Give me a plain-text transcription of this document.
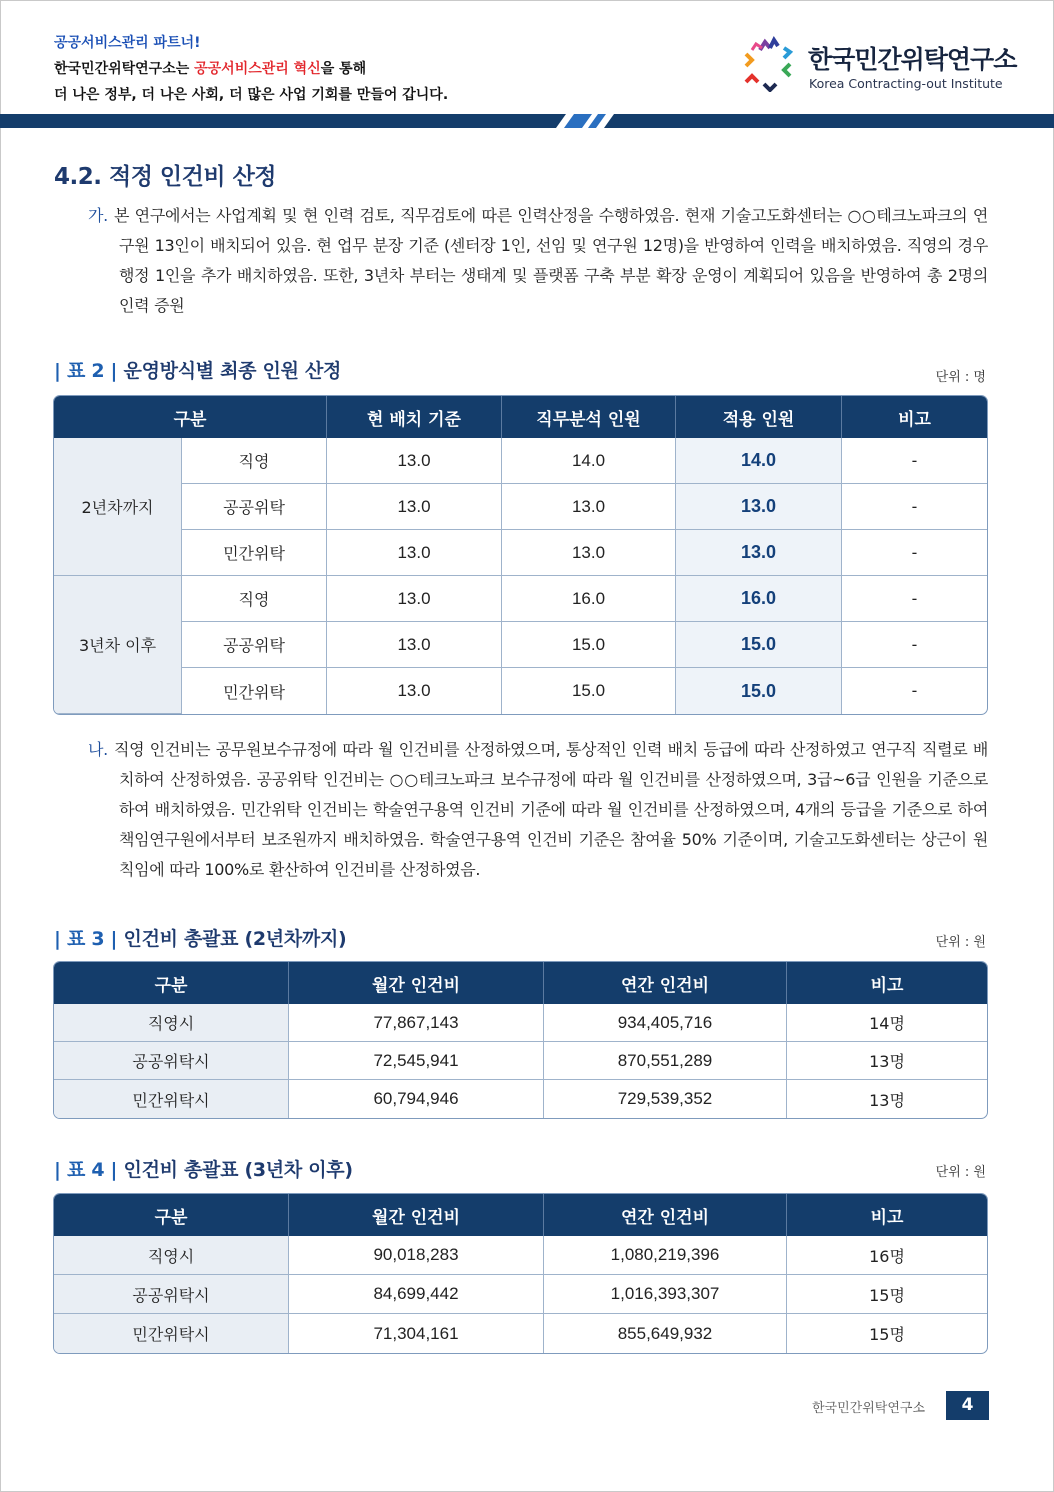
공공서비스관리 파트너!
한국민간위탁연구소는 공공서비스관리 혁신을 통해
더 나은 정부, 더 나은 사회, 더 많은 사업 기회를 만들어 갑니다.
한국민간위탁연구소
Korea Contracting-out Institute
4.2. 적정 인건비 산정
가. 본 연구에서는 사업계획 및 현 인력 검토, 직무검토에 따른 인력산정을 수행하였음. 현재 기술고도화센터는 ○○테크노파크의 연구원 13인이 배치되어 있음. 현 업무 분장 기준 (센터장 1인, 선임 및 연구원 12명)을 반영하여 인력을 배치하였음. 직영의 경우 행정 1인을 추가 배치하였음. 또한, 3년차 부터는 생태계 및 플랫폼 구축 부분 확장 운영이 계획되어 있음을 반영하여 총 2명의 인력 증원
| 표 2 | 운영방식별 최종 인원 산정	단위 : 명
구분		현 배치 기준	직무분석 인원	적용 인원	비고
2년차까지	직영	13.0	14.0	14.0	-
	공공위탁	13.0	13.0	13.0	-
	민간위탁	13.0	13.0	13.0	-
3년차 이후	직영	13.0	16.0	16.0	-
	공공위탁	13.0	15.0	15.0	-
	민간위탁	13.0	15.0	15.0	-
나. 직영 인건비는 공무원보수규정에 따라 월 인건비를 산정하였으며, 통상적인 인력 배치 등급에 따라 산정하였고 연구직 직렬로 배치하여 산정하였음. 공공위탁 인건비는 ○○테크노파크 보수규정에 따라 월 인건비를 산정하였으며, 3급~6급 인원을 기준으로 하여 배치하였음. 민간위탁 인건비는 학술연구용역 인건비 기준에 따라 월 인건비를 산정하였으며, 4개의 등급을 기준으로 하여 책임연구원에서부터 보조원까지 배치하였음. 학술연구용역 인건비 기준은 참여율 50% 기준이며, 기술고도화센터는 상근이 원칙임에 따라 100%로 환산하여 인건비를 산정하였음.
| 표 3 | 인건비 총괄표 (2년차까지)	단위 : 원
구분	월간 인건비	연간 인건비	비고
직영시	77,867,143	934,405,716	14명
공공위탁시	72,545,941	870,551,289	13명
민간위탁시	60,794,946	729,539,352	13명
| 표 4 | 인건비 총괄표 (3년차 이후)	단위 : 원
구분	월간 인건비	연간 인건비	비고
직영시	90,018,283	1,080,219,396	16명
공공위탁시	84,699,442	1,016,393,307	15명
민간위탁시	71,304,161	855,649,932	15명
한국민간위탁연구소	4
